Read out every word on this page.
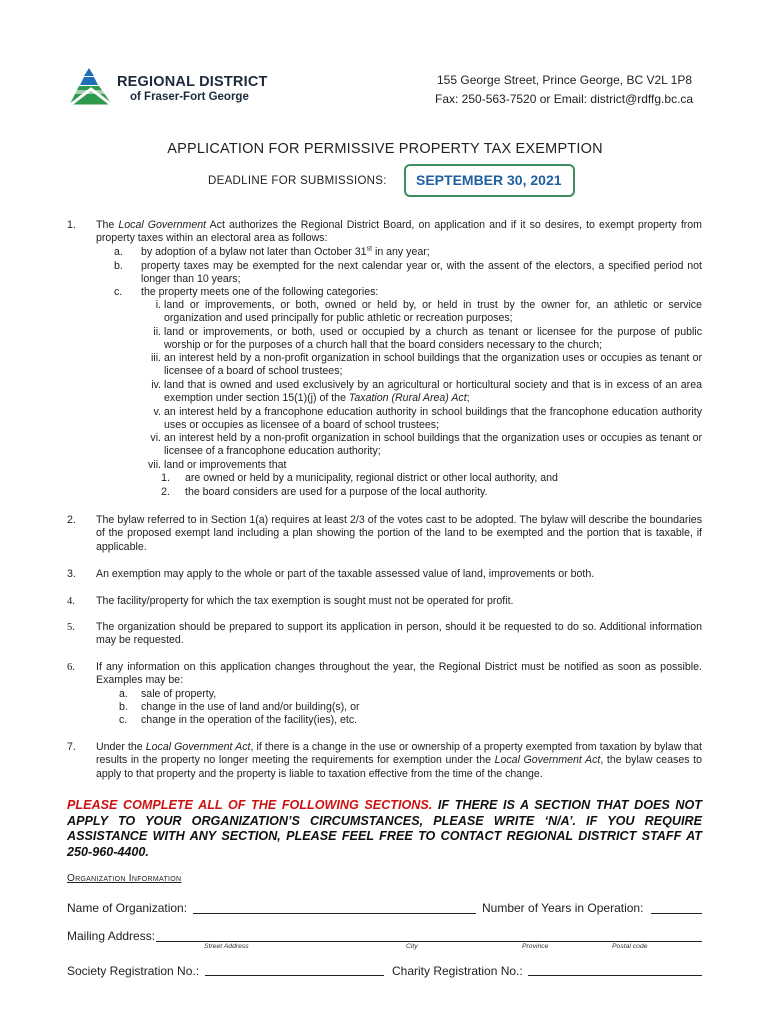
REGIONAL DISTRICT
of Fraser-Fort George
155 George Street, Prince George, BC V2L 1P8
Fax: 250-563-7520 or Email: district@rdffg.bc.ca
APPLICATION FOR PERMISSIVE PROPERTY TAX EXEMPTION
DEADLINE FOR SUBMISSIONS: SEPTEMBER 30, 2021
1. The Local Government Act authorizes the Regional District Board, on application and if it so desires, to exempt property from property taxes within an electoral area as follows:
a. by adoption of a bylaw not later than October 31st in any year;
b. property taxes may be exempted for the next calendar year or, with the assent of the electors, a specified period not longer than 10 years;
c. the property meets one of the following categories:
i. land or improvements, or both, owned or held by, or held in trust by the owner for, an athletic or service organization and used principally for public athletic or recreation purposes;
ii. land or improvements, or both, used or occupied by a church as tenant or licensee for the purpose of public worship or for the purposes of a church hall that the board considers necessary to the church;
iii. an interest held by a non-profit organization in school buildings that the organization uses or occupies as tenant or licensee of a board of school trustees;
iv. land that is owned and used exclusively by an agricultural or horticultural society and that is in excess of an area exemption under section 15(1)(j) of the Taxation (Rural Area) Act;
v. an interest held by a francophone education authority in school buildings that the francophone education authority uses or occupies as licensee of a board of school trustees;
vi. an interest held by a non-profit organization in school buildings that the organization uses or occupies as tenant or licensee of a francophone education authority;
vii. land or improvements that
1. are owned or held by a municipality, regional district or other local authority, and
2. the board considers are used for a purpose of the local authority.
2. The bylaw referred to in Section 1(a) requires at least 2/3 of the votes cast to be adopted. The bylaw will describe the boundaries of the proposed exempt land including a plan showing the portion of the land to be exempted and the portion that is taxable, if applicable.
3. An exemption may apply to the whole or part of the taxable assessed value of land, improvements or both.
4. The facility/property for which the tax exemption is sought must not be operated for profit.
5. The organization should be prepared to support its application in person, should it be requested to do so. Additional information may be requested.
6. If any information on this application changes throughout the year, the Regional District must be notified as soon as possible. Examples may be:
a. sale of property,
b. change in the use of land and/or building(s), or
c. change in the operation of the facility(ies), etc.
7. Under the Local Government Act, if there is a change in the use or ownership of a property exempted from taxation by bylaw that results in the property no longer meeting the requirements for exemption under the Local Government Act, the bylaw ceases to apply to that property and the property is liable to taxation effective from the time of the change.
PLEASE COMPLETE ALL OF THE FOLLOWING SECTIONS. IF THERE IS A SECTION THAT DOES NOT APPLY TO YOUR ORGANIZATION’S CIRCUMSTANCES, PLEASE WRITE ‘N/A’. IF YOU REQUIRE ASSISTANCE WITH ANY SECTION, PLEASE FEEL FREE TO CONTACT REGIONAL DISTRICT STAFF AT 250-960-4400.
Organization Information
Name of Organization:	Number of Years in Operation:
Mailing Address:
Street Address	City	Province	Postal code
Society Registration No.:	Charity Registration No.:
